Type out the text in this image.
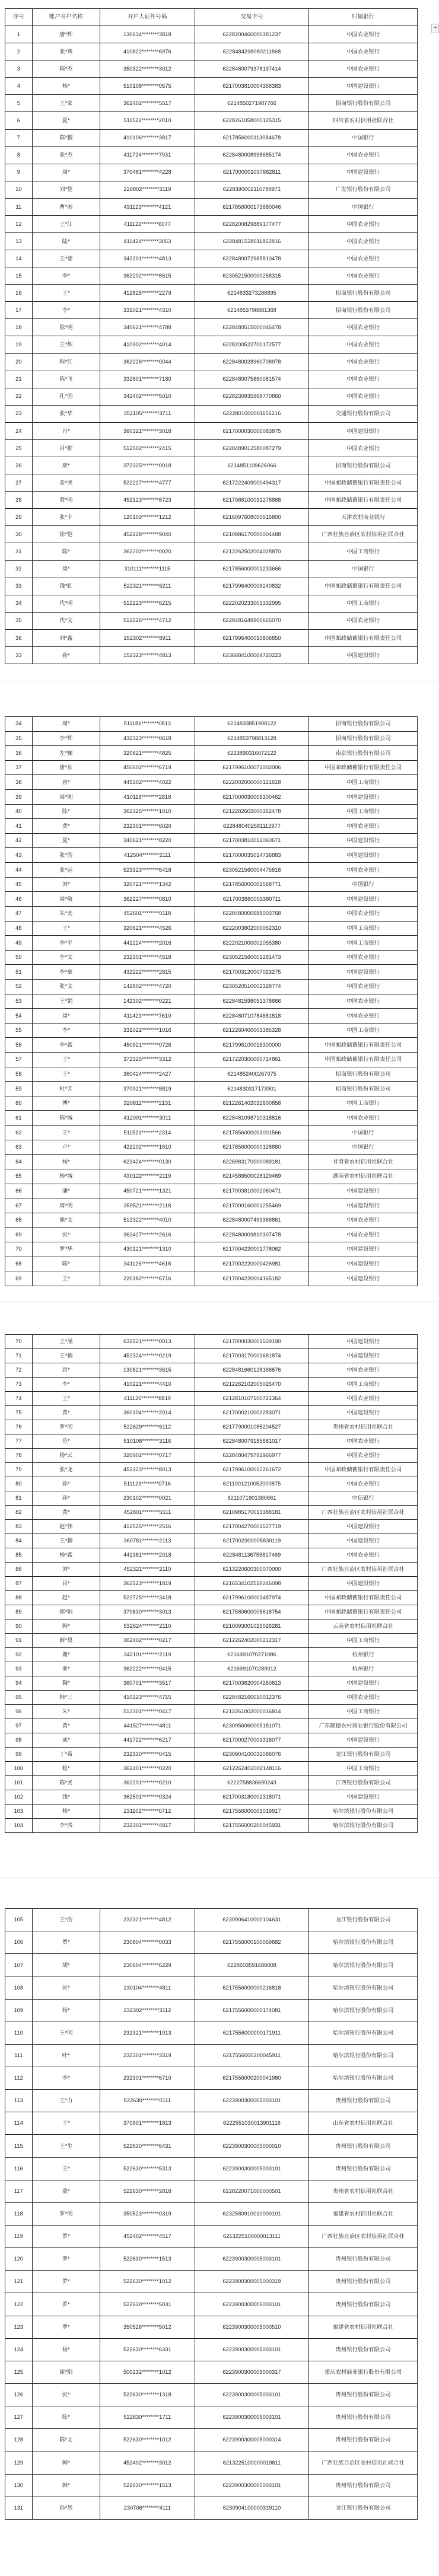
序号	账户开户名称	开户人证件号码	交易卡号	归属银行
1	唐*辉	130634********3818	6228200460000381237	中国农业银行
2	张*燕	410822********6976	6228484298080211868	中国农业银行
3	陈*杰	350322********3012	6228480079378197414	中国农业银行
4	杨*	510108********0575	6217003810004358383	中国建设银行
5	王*家	362402********5517	6214850271987766	招商银行股份有限公司
6	夏*	511522********2010	6228261058000125315	四川省农村信用社联合社
7	陈*鹏	410106********3817	6217856000113084678	中国银行
8	张*杰	411724********7931	6228480008998685174	中国农业银行
9	周*	370481********4228	6217000001037862811	中国建设银行
10	刘*恺	220802********3119	6228390002110788971	广发银行股份有限公司
11	曹*雨	431123********4121	6217856000173680046	中国银行
12	王*江	411122********6077	6228200829889177477	中国农业银行
13	陆*	411424********3053	6228481528011862816	中国农业银行
14	王*德	342201********4813	6228480072985810478	中国农业银行
15	李*	362202********8615	6230521500000258315	中国农业银行
16	王*	412825********2279	6214833273288895	招商银行股份有限公司
17	李*	331021********4310	6214853798881368	招商银行股份有限公司
18	陈*明	340621********4788	6228480515000046478	中国农业银行
19	王*辉	410902********4014	6228200522700172577	中国农业银行
20	程*红	362226********0044	6228480028960708978	中国农业银行
21	陈*飞	332801********7180	6228480075860081574	中国农业银行
22	孔*国	342402********5010	6228230935968770860	中国农业银行
23	张*华	352105********3711	6222801000001156216	交通银行股份有限公司
24	肖*	360321********3018	6217000030000083875	中国建设银行
25	吕*彬	512502********2415	6228489012580087279	中国农业银行
26	康*	372325********0018	6214851109626066	招商银行股份有限公司
27	姜*虎	522227********4777	6217222409000494317	中国邮政储蓄银行有限责任公司
28	黄*明	452123********8723	6217986100031278868	中国邮政储蓄银行有限责任公司
29	张*丰	120103********1212	6216097608000515800	天津农村商业银行
30	徐*恺	452228********9040	6210986170000004488	广西壮族自治区农村信用社联合社
31	陈*	362202********0020	6212262502004028870	中国工商银行
32	周*	310111********1115	6217856000001233666	中国银行
33	钱*虹	522321********6211	6217996400006240832	中国邮政储蓄银行有限责任公司
34	代*明	512223********6215	6222020233003332995	中国工商银行
35	代*文	512226********4712	6228481649900665070	中国农业银行
36	刘*鑫	152302********8911	6217996400010806850	中国邮政储蓄银行有限责任公司
33	孙*	152323********4813	6236684100004720223	中国建设银行
34	周*	511181********0813	6214833851908122	招商银行股份有限公司
35	李*辉	432323********0618	6214853798813128	招商银行股份有限公司
36	左*娜	320621********4825	6223890316072122	南京银行股份有限公司
37	唐*东	450602********6719	6217996100071002006	中国邮政储蓄银行有限责任公司
38	唐*	445302********4022	6222002000000121618	中国工商银行
39	周*刚	410118********2818	6217000030005300462	中国建设银行
40	陈*	362325********1010	6212282602000362478	中国工商银行
41	黄*	232301********6020	6228480402581112977	中国农业银行
42	夏*	340621********8220	6217003810012060671	中国建设银行
43	张*浩	412504********2111	6217000035014736883	中国建设银行
44	张*运	523323********6418	6230521560004475816	中国农业银行
45	刘*	320721********1342	6217856000001568771	中国银行
46	周*敬	362227********0810	6217003860003380711	中国建设银行
47	朱*美	452601********0118	6228480000688003768	中国农业银行
48	王*	320621********4526	6222003802000052310	中国工商银行
49	李*平	441224********2016	6222021000002055380	中国工商银行
50	李*文	232301********4518	6230521560001281473	中国农业银行
51	李*豪	432222********2815	6217003120007023275	中国建设银行
52	张*文	142802********4720	6230520510002328774	中国农业银行
53	王*娟	142302********0221	6228481598051378666	中国农业银行
54	周*	411423********7610	6228480710784681818	中国农业银行
55	李*	331022********1016	6212260400003385328	中国工商银行
56	李*鑫	450921********0726	6217996100015300000	中国邮政储蓄银行有限责任公司
57	王*	372325********3312	6217220300000714861	中国邮政储蓄银行有限责任公司
58	王*	360424********2427	6214852400267075	招商银行股份有限公司
59	杜*芳	370921********8819	6214830317173901	招商银行股份有限公司
60	傅*	320811********2131	6212261402032600858	中国工商银行
61	陈*城	412001********3011	6228481098710318816	中国农业银行
62	王*	511521********2314	6217856000003001566	中国银行
63	卢*	422202********1610	6217856000000128880	中国银行
64	杨*	622424********0130	6226983170000089181	甘肃省农村信用社联合社
65	杨*城	430122********2119	6214586500028129469	湖南省农村信用社联合社
66	潘*	450721********1321	6217003810002060471	中国建设银行
67	周*明	350521********2118	6217000160001255469	中国建设银行
68	熊*文	512322********4010	6228480007499368861	中国农业银行
69	张*	362427********2616	6228480009810307478	中国农业银行
70	罗*华	430121********1310	6217004220001778062	中国建设银行
68	陈*	341126********4618	6217002220000426981	中国建设银行
69	王*	220182********6716	6217004220004165182	中国建设银行
70	王*涵	632521********0013	6217000030001529190	中国建设银行
71	王*楠	452324********0219	6217003170003681874	中国建设银行
72	唐*	130821********3615	6228481660128168676	中国农业银行
73	李*	410221********4410	6212262102005025470	中国工商银行
74	王*	411126********8819	6212810107100721364	中国农业银行
75	黄*	360104********2014	6217000210002283071	中国建设银行
76	罗*明	522629********6112	6217790001085204527	贵州省农村信用社联合社
77	范*	510108********3116	6228480079185681017	中国农业银行
78	杨*云	320902********0717	6228480479791966977	中国农业银行
79	张*龙	452323********8013	6217996100012261672	中国邮政储蓄银行有限责任公司
80	孙*	511123********0716	6211001210052000875	中国农业银行
81	孙*	230102********0021	6211071901380661	中信银行
82	黄*	452801********5511	6210985170013388181	广西壮族自治区农村信用社联合社
83	赵*伟	412525********2516	6217004270001527719	中国建设银行
84	王*鹏	360781********2113	6217002300005830119	中国建设银行
85	杨*鑫	441381********2018	6228481136759817469	中国农业银行
86	刘*	452321********2110	6213220600300070000	广西壮族自治区农村信用社联合社
87	吕*	362523********1819	6216534102519246098	中国建设银行
88	赵*	522725********3418	6217996100003487974	中国邮政储蓄银行有限责任公司
89	郑*阳	370830********3013	6217580600005618754	中国邮政储蓄银行有限责任公司
90	韩*	532624********2110	6210093001025026281	云南省农村信用社联合社
91	薛*晨	362402********0217	6212262402000212317	中国工商银行
92	谢*	342101********2119	6216991070271086	杭州银行
93	秦*	362222********0415	6216991070289012	杭州银行
94	魏*	360701********3517	6217003620004260813	中国建设银行
95	韩*三	410223********4715	6228482160010012376	中国农业银行
96	朱*	512301********0417	6212261002000016814	中国工商银行
97	黄*	441527********4811	6230956060005181071	广东顺德农村商业银行股份有限公司
98	成*	441722********6217	6217000270003316077	中国建设银行
99	丁*希	232330********0415	6230904100031086076	龙江银行股份有限公司
100	程*	362401********0220	6212262402002148116	中国工商银行
101	陈*虎	362201********0210	6222758836690243	江西银行股份有限公司
102	钱*	362501********0324	6217003180002318071	中国建设银行
103	杨*	231102********0712	6217556000003019917	哈尔滨银行股份有限公司
104	李*涛	232301********4817	6217556000200045931	哈尔滨银行股份有限公司
105	王*浩	232321********4812	6230906410000104631	龙江银行股份有限公司
106	贾*	230804********0033	6217556000100059682	哈尔滨银行股份有限公司
107	胡*	230604********6229	6228603591688008	哈尔滨银行股份有限公司
108	张*	230104********4811	6217556000000216818	哈尔滨银行股份有限公司
109	杨*	232302********3112	6217556000000174081	哈尔滨银行股份有限公司
110	王*明	232321********1013	6217556000000171911	哈尔滨银行股份有限公司
111	叶*	232301********3319	6217556000200045911	哈尔滨银行股份有限公司
112	李*	232301********6710	6217556000200041980	哈尔滨银行股份有限公司
113	王*力	522630********0111	6223900300005003101	贵州银行股份有限公司
114	王*	370901********1813	6222551030013901116	山东省农村信用社联合社
115	王*生	522630********6431	6223900300005000010	贵州银行股份有限公司
116	王*	522630********5313	6223900300005003101	贵州银行股份有限公司
117	蒙*	522630********2818	6228220071000000501	贵州省农村信用社联合社
118	罗*明	350523********0319	6232580910010000101	福建省农村信用社联合社
119	罗*	452402********4517	6213225100000013111	广西壮族自治区农村信用社联合社
120	罗*	522630********1513	6223900300005003101	贵州银行股份有限公司
121	罗*	522630********1012	6223900300005000319	贵州银行股份有限公司
122	罗*	522630********5031	6223900300005003101	贵州银行股份有限公司
123	罗*	350526********5012	6223900300005000510	福建省农村信用社联合社
124	杨*	522630********6331	6223900300005003101	贵州银行股份有限公司
125	屈*阳	500232********1012	6223900300005000317	重庆农村商业银行股份有限公司
126	张*	522630********1318	6223900300005003101	贵州银行股份有限公司
127	陈*	522630********1711	6223900300005003101	贵州银行股份有限公司
128	陈*文	522630********1012	6223900300005000314	贵州银行股份有限公司
129	韩*	452402********3012	6213225100000019811	广西壮族自治区农村信用社联合社
130	韩*	522630********1513	6223900300005003101	贵州银行股份有限公司
131	孙*然	230706********4111	6230904100000319110	龙江银行股份有限公司
+
